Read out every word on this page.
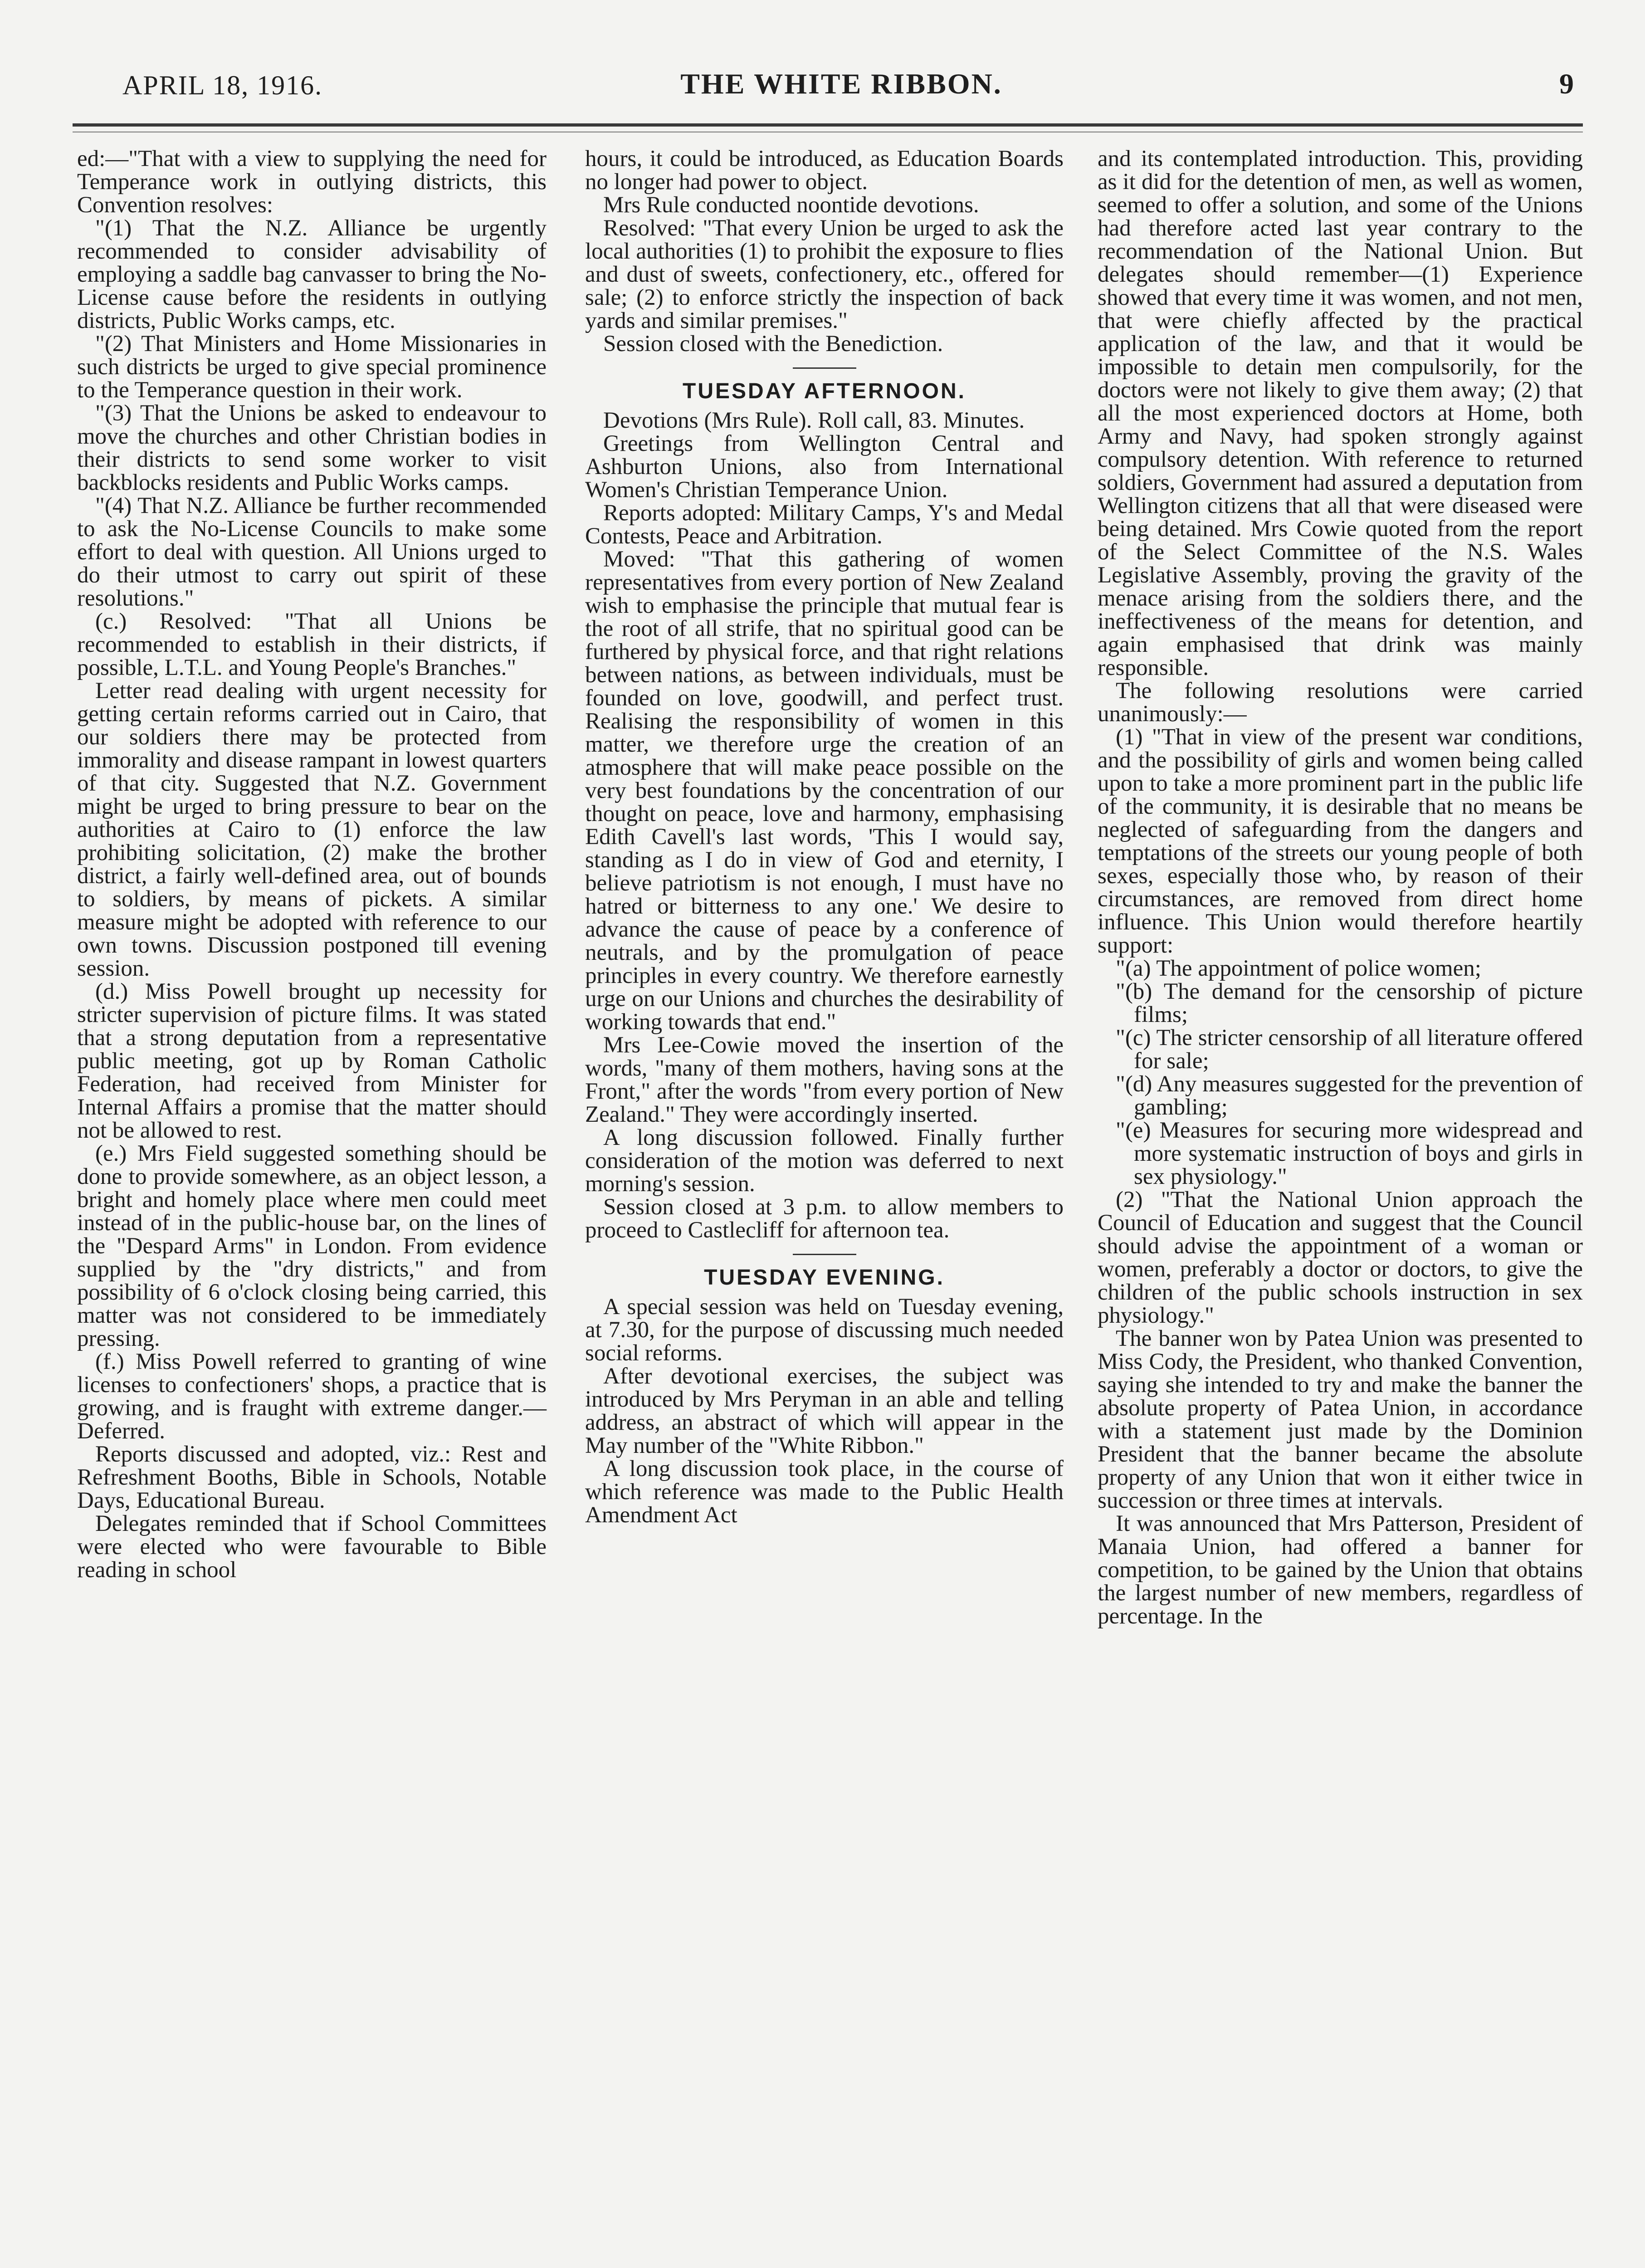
APRIL 18, 1916.	THE WHITE RIBBON.	9

ed:—"That with a view to supplying the need for Temperance work in outlying districts, this Convention resolves:

"(1) That the N.Z. Alliance be urgently recommended to consider advisability of employing a saddle bag canvasser to bring the No-License cause before the residents in outlying districts, Public Works camps, etc.

"(2) That Ministers and Home Missionaries in such districts be urged to give special prominence to the Temperance question in their work.

"(3) That the Unions be asked to endeavour to move the churches and other Christian bodies in their districts to send some worker to visit backblocks residents and Public Works camps.

"(4) That N.Z. Alliance be further recommended to ask the No-License Councils to make some effort to deal with question. All Unions urged to do their utmost to carry out spirit of these resolutions."

(c.) Resolved: "That all Unions be recommended to establish in their districts, if possible, L.T.L. and Young People's Branches."

Letter read dealing with urgent necessity for getting certain reforms carried out in Cairo, that our soldiers there may be protected from immorality and disease rampant in lowest quarters of that city. Suggested that N.Z. Government might be urged to bring pressure to bear on the authorities at Cairo to (1) enforce the law prohibiting solicitation, (2) make the brother district, a fairly well-defined area, out of bounds to soldiers, by means of pickets. A similar measure might be adopted with reference to our own towns. Discussion postponed till evening session.

(d.) Miss Powell brought up necessity for stricter supervision of picture films. It was stated that a strong deputation from a representative public meeting, got up by Roman Catholic Federation, had received from Minister for Internal Affairs a promise that the matter should not be allowed to rest.

(e.) Mrs Field suggested something should be done to provide somewhere, as an object lesson, a bright and homely place where men could meet instead of in the public-house bar, on the lines of the "Despard Arms" in London. From evidence supplied by the "dry districts," and from possibility of 6 o'clock closing being carried, this matter was not considered to be immediately pressing.

(f.) Miss Powell referred to granting of wine licenses to confectioners' shops, a practice that is growing, and is fraught with extreme danger.—Deferred.

Reports discussed and adopted, viz.: Rest and Refreshment Booths, Bible in Schools, Notable Days, Educational Bureau.

Delegates reminded that if School Committees were elected who were favourable to Bible reading in school

hours, it could be introduced, as Education Boards no longer had power to object.

Mrs Rule conducted noontide devotions.

Resolved: "That every Union be urged to ask the local authorities (1) to prohibit the exposure to flies and dust of sweets, confectionery, etc., offered for sale; (2) to enforce strictly the inspection of back yards and similar premises."

Session closed with the Benediction.

TUESDAY AFTERNOON.

Devotions (Mrs Rule). Roll call, 83. Minutes.

Greetings from Wellington Central and Ashburton Unions, also from International Women's Christian Temperance Union.

Reports adopted: Military Camps, Y's and Medal Contests, Peace and Arbitration.

Moved: "That this gathering of women representatives from every portion of New Zealand wish to emphasise the principle that mutual fear is the root of all strife, that no spiritual good can be furthered by physical force, and that right relations between nations, as between individuals, must be founded on love, goodwill, and perfect trust. Realising the responsibility of women in this matter, we therefore urge the creation of an atmosphere that will make peace possible on the very best foundations by the concentration of our thought on peace, love and harmony, emphasising Edith Cavell's last words, 'This I would say, standing as I do in view of God and eternity, I believe patriotism is not enough, I must have no hatred or bitterness to any one.' We desire to advance the cause of peace by a conference of neutrals, and by the promulgation of peace principles in every country. We therefore earnestly urge on our Unions and churches the desirability of working towards that end."

Mrs Lee-Cowie moved the insertion of the words, "many of them mothers, having sons at the Front," after the words "from every portion of New Zealand." They were accordingly inserted.

A long discussion followed. Finally further consideration of the motion was deferred to next morning's session.

Session closed at 3 p.m. to allow members to proceed to Castlecliff for afternoon tea.

TUESDAY EVENING.

A special session was held on Tuesday evening, at 7.30, for the purpose of discussing much needed social reforms.

After devotional exercises, the subject was introduced by Mrs Peryman in an able and telling address, an abstract of which will appear in the May number of the "White Ribbon."

A long discussion took place, in the course of which reference was made to the Public Health Amendment Act

and its contemplated introduction. This, providing as it did for the detention of men, as well as women, seemed to offer a solution, and some of the Unions had therefore acted last year contrary to the recommendation of the National Union. But delegates should remember—(1) Experience showed that every time it was women, and not men, that were chiefly affected by the practical application of the law, and that it would be impossible to detain men compulsorily, for the doctors were not likely to give them away; (2) that all the most experienced doctors at Home, both Army and Navy, had spoken strongly against compulsory detention. With reference to returned soldiers, Government had assured a deputation from Wellington citizens that all that were diseased were being detained. Mrs Cowie quoted from the report of the Select Committee of the N.S. Wales Legislative Assembly, proving the gravity of the menace arising from the soldiers there, and the ineffectiveness of the means for detention, and again emphasised that drink was mainly responsible.

The following resolutions were carried unanimously:—

(1) "That in view of the present war conditions, and the possibility of girls and women being called upon to take a more prominent part in the public life of the community, it is desirable that no means be neglected of safeguarding from the dangers and temptations of the streets our young people of both sexes, especially those who, by reason of their circumstances, are removed from direct home influence. This Union would therefore heartily support:

"(a) The appointment of police women;

"(b) The demand for the censorship of picture films;

"(c) The stricter censorship of all literature offered for sale;

"(d) Any measures suggested for the prevention of gambling;

"(e) Measures for securing more widespread and more systematic instruction of boys and girls in sex physiology."

(2) "That the National Union approach the Council of Education and suggest that the Council should advise the appointment of a woman or women, preferably a doctor or doctors, to give the children of the public schools instruction in sex physiology."

The banner won by Patea Union was presented to Miss Cody, the President, who thanked Convention, saying she intended to try and make the banner the absolute property of Patea Union, in accordance with a statement just made by the Dominion President that the banner became the absolute property of any Union that won it either twice in succession or three times at intervals.

It was announced that Mrs Patterson, President of Manaia Union, had offered a banner for competition, to be gained by the Union that obtains the largest number of new members, regardless of percentage. In the
